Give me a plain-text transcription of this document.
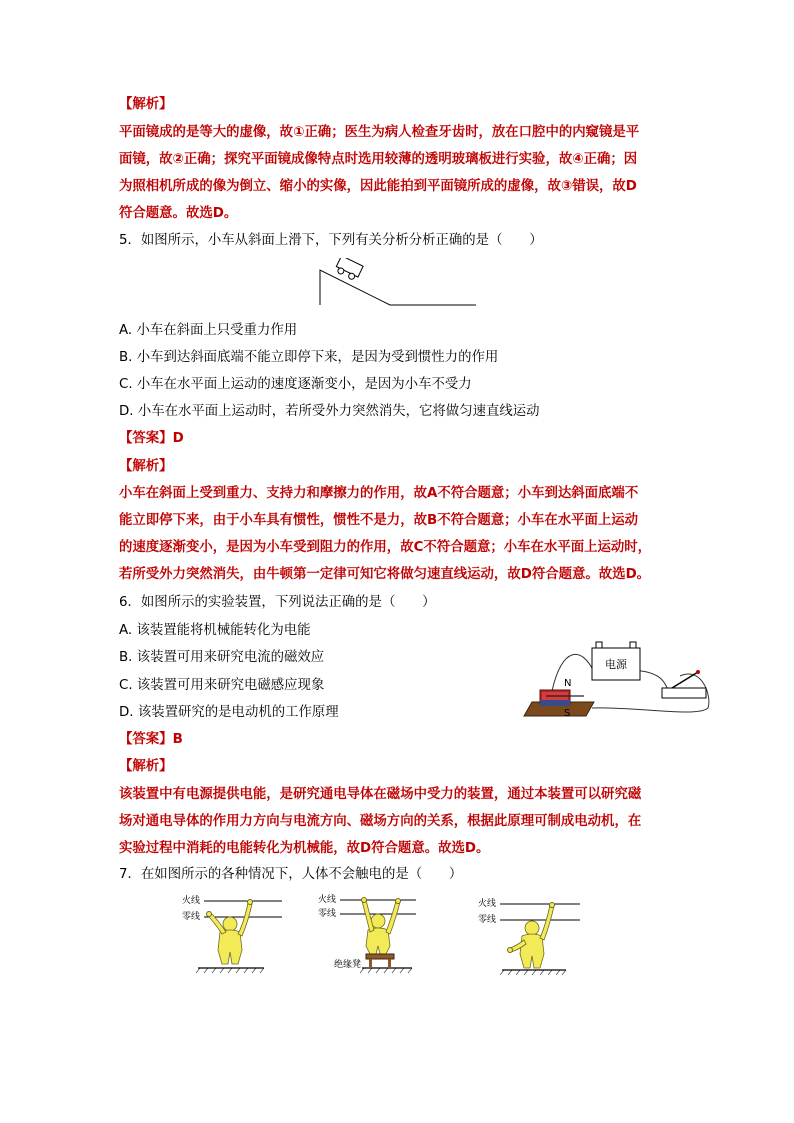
【解析】
平面镜成的是等大的虚像，故①正确；医生为病人检查牙齿时，放在口腔中的内窥镜是平
面镜，故②正确；探究平面镜成像特点时选用较薄的透明玻璃板进行实验，故④正确；因
为照相机所成的像为倒立、缩小的实像，因此能拍到平面镜所成的虚像，故③错误，故D
符合题意。故选D。
5．如图所示，小车从斜面上滑下，下列有关分析分析正确的是（　　）
A. 小车在斜面上只受重力作用
B. 小车到达斜面底端不能立即停下来，是因为受到惯性力的作用
C. 小车在水平面上运动的速度逐渐变小，是因为小车不受力
D. 小车在水平面上运动时，若所受外力突然消失，它将做匀速直线运动
【答案】D
【解析】
小车在斜面上受到重力、支持力和摩擦力的作用，故A不符合题意；小车到达斜面底端不
能立即停下来，由于小车具有惯性，惯性不是力，故B不符合题意；小车在水平面上运动
的速度逐渐变小，是因为小车受到阻力的作用，故C不符合题意；小车在水平面上运动时，
若所受外力突然消失，由牛顿第一定律可知它将做匀速直线运动，故D符合题意。故选D。
6．如图所示的实验装置，下列说法正确的是（　　）
A. 该装置能将机械能转化为电能
B. 该装置可用来研究电流的磁效应
C. 该装置可用来研究电磁感应现象
D. 该装置研究的是电动机的工作原理
电源
N
S
【答案】B
【解析】
该装置中有电源提供电能，是研究通电导体在磁场中受力的装置，通过本装置可以研究磁
场对通电导体的作用力方向与电流方向、磁场方向的关系，根据此原理可制成电动机，在
实验过程中消耗的电能转化为机械能，故D符合题意。故选D。
7．在如图所示的各种情况下，人体不会触电的是（　　）
火线
零线
火线
零线
绝缘凳
火线
零线
